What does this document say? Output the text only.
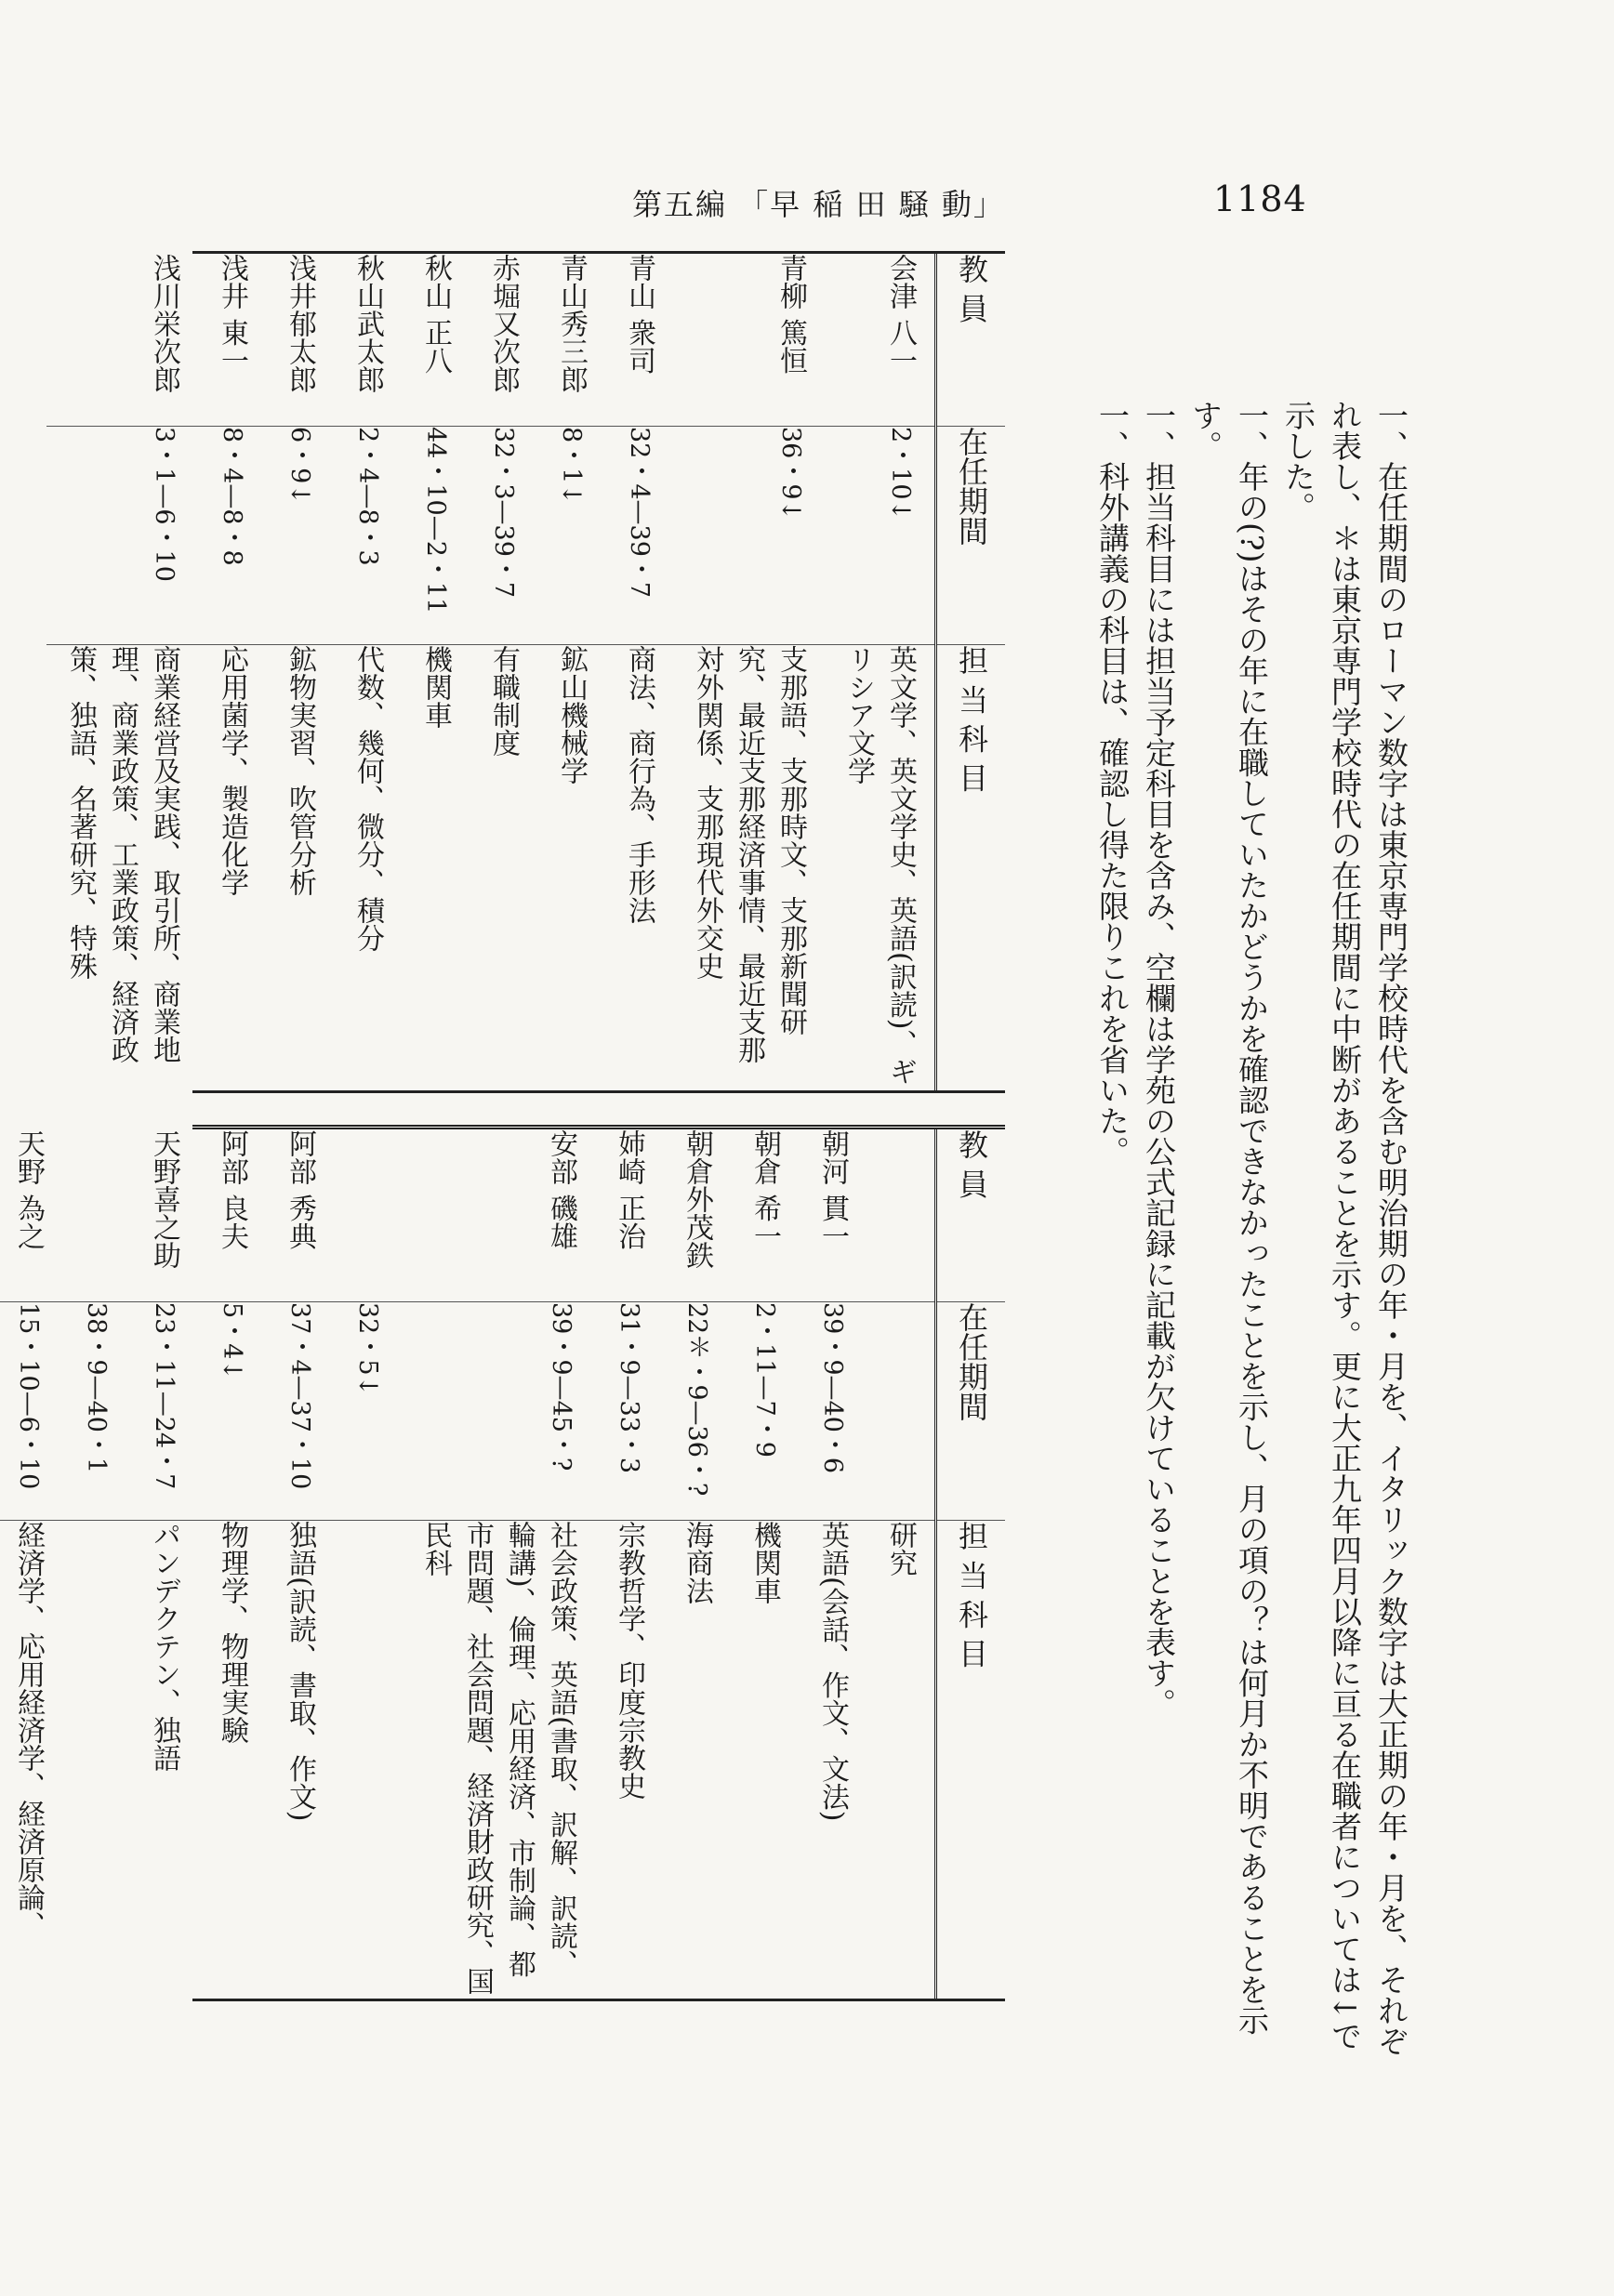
第五編 「早 稲 田 騒 動」	1184

一、在任期間のローマン数字は東京専門学校時代を含む明治期の年・月を、イタリック数字は大正期の年・月を、それぞれ表し、＊は東京専門学校時代の在任期間に中断があることを示す。更に大正九年四月以降に亘る在職者については↓で示した。

一、年の(?)はその年に在職していたかどうかを確認できなかったことを示し、月の項の？は何月か不明であることを示す。

一、担当科目には担当予定科目を含み、空欄は学苑の公式記録に記載が欠けていることを表す。

一、科外講義の科目は、確認し得た限りこれを省いた。

教 員
在任期間
担 当 科 目
会津 八一
2・10↓
英文学、英文学史、英語(訳読)、ギリシア文学
青柳 篤恒
36・9↓
支那語、支那時文、支那新聞研究、最近支那経済事情、最近支那対外関係、支那現代外交史
青山 衆司
32・4—39・7
商法、商行為、手形法
青山秀三郎
8・1↓
鉱山機械学
赤堀又次郎
32・3—39・7
有職制度
秋山 正八
44・10—2・11
機関車
秋山武太郎
2・4—8・3
代数、幾何、微分、積分
浅井郁太郎
6・9↓
鉱物実習、吹管分析
浅井 東一
8・4—8・8
応用菌学、製造化学
浅川栄次郎
3・1—6・10
商業経営及実践、取引所、商業地理、商業政策、工業政策、経済政策、独語、名著研究、特殊
教 員
在任期間
担 当 科 目
研究
朝河 貫一
39・9—40・6
英語(会話、作文、文法)
朝倉 希一
2・11—7・9
機関車
朝倉外茂鉄
22＊・9—36・?
海商法
姉崎 正治
31・9—33・3
宗教哲学、印度宗教史
安部 磯雄
39・9—45・?
社会政策、英語(書取、訳解、訳読、輪講)、倫理、応用経済、市制論、都市問題、社会問題、経済財政研究、国民科
32・5↓
阿部 秀典
37・4—37・10
独語(訳読、書取、作文)
阿部 良夫
5・4↓
物理学、物理実験
天野喜之助
23・11—24・7
パンデクテン、独語
38・9—40・1
天野 為之
15・10—6・10
経済学、応用経済学、経済原論、
